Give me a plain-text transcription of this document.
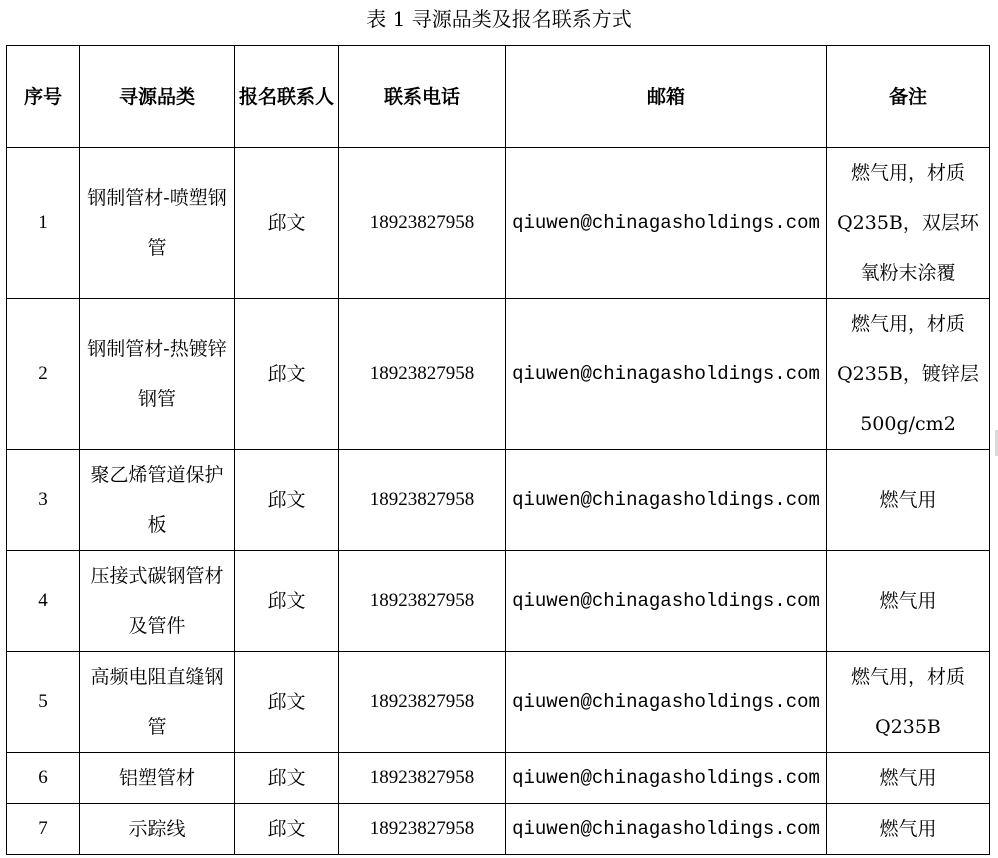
表 1 寻源品类及报名联系方式
序号	寻源品类	报名联系人	联系电话	邮箱	备注
1	钢制管材-喷塑钢管	邱文	18923827958	qiuwen@chinagasholdings.com	燃气用，材质Q235B，双层环氧粉末涂覆
2	钢制管材-热镀锌钢管	邱文	18923827958	qiuwen@chinagasholdings.com	燃气用，材质Q235B，镀锌层500g/cm2
3	聚乙烯管道保护板	邱文	18923827958	qiuwen@chinagasholdings.com	燃气用
4	压接式碳钢管材及管件	邱文	18923827958	qiuwen@chinagasholdings.com	燃气用
5	高频电阻直缝钢管	邱文	18923827958	qiuwen@chinagasholdings.com	燃气用，材质Q235B
6	铝塑管材	邱文	18923827958	qiuwen@chinagasholdings.com	燃气用
7	示踪线	邱文	18923827958	qiuwen@chinagasholdings.com	燃气用
